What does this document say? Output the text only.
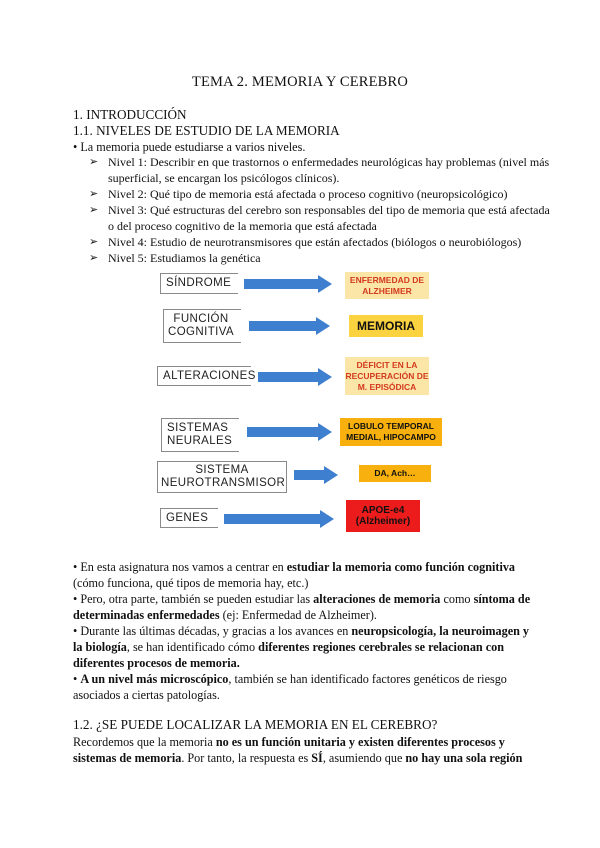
TEMA 2. MEMORIA Y CEREBRO
1. INTRODUCCIÓN
1.1. NIVELES DE ESTUDIO DE LA MEMORIA
• La memoria puede estudiarse a varios niveles.
➢ Nivel 1: Describir en que trastornos o enfermedades neurológicas hay problemas (nivel más superficial, se encargan los psicólogos clínicos).
➢ Nivel 2: Qué tipo de memoria está afectada o proceso cognitivo (neuropsicológico)
➢ Nivel 3: Qué estructuras del cerebro son responsables del tipo de memoria que está afectada o del proceso cognitivo de la memoria que está afectada
➢ Nivel 4: Estudio de neurotransmisores que están afectados (biólogos o neurobiólogos)
➢ Nivel 5: Estudiamos la genética
SÍNDROME	ENFERMEDAD DE ALZHEIMER
FUNCIÓN COGNITIVA	MEMORIA
ALTERACIONES
DÉFICIT EN LA RECUPERACIÓN DE M. EPISÓDICA
SISTEMAS NEURALES
LOBULO TEMPORAL MEDIAL, HIPOCAMPO
SISTEMA NEUROTRANSMISOR
DA, Ach…
GENES
APOE-e4 (Alzheimer)
• En esta asignatura nos vamos a centrar en estudiar la memoria como función cognitiva (cómo funciona, qué tipos de memoria hay, etc.)
• Pero, otra parte, también se pueden estudiar las alteraciones de memoria como síntoma de determinadas enfermedades (ej: Enfermedad de Alzheimer).
• Durante las últimas décadas, y gracias a los avances en neuropsicología, la neuroimagen y la biología, se han identificado cómo diferentes regiones cerebrales se relacionan con diferentes procesos de memoria.
• A un nivel más microscópico, también se han identificado factores genéticos de riesgo asociados a ciertas patologías.
1.2. ¿SE PUEDE LOCALIZAR LA MEMORIA EN EL CEREBRO?
Recordemos que la memoria no es un función unitaria y existen diferentes procesos y sistemas de memoria. Por tanto, la respuesta es SÍ, asumiendo que no hay una sola región
